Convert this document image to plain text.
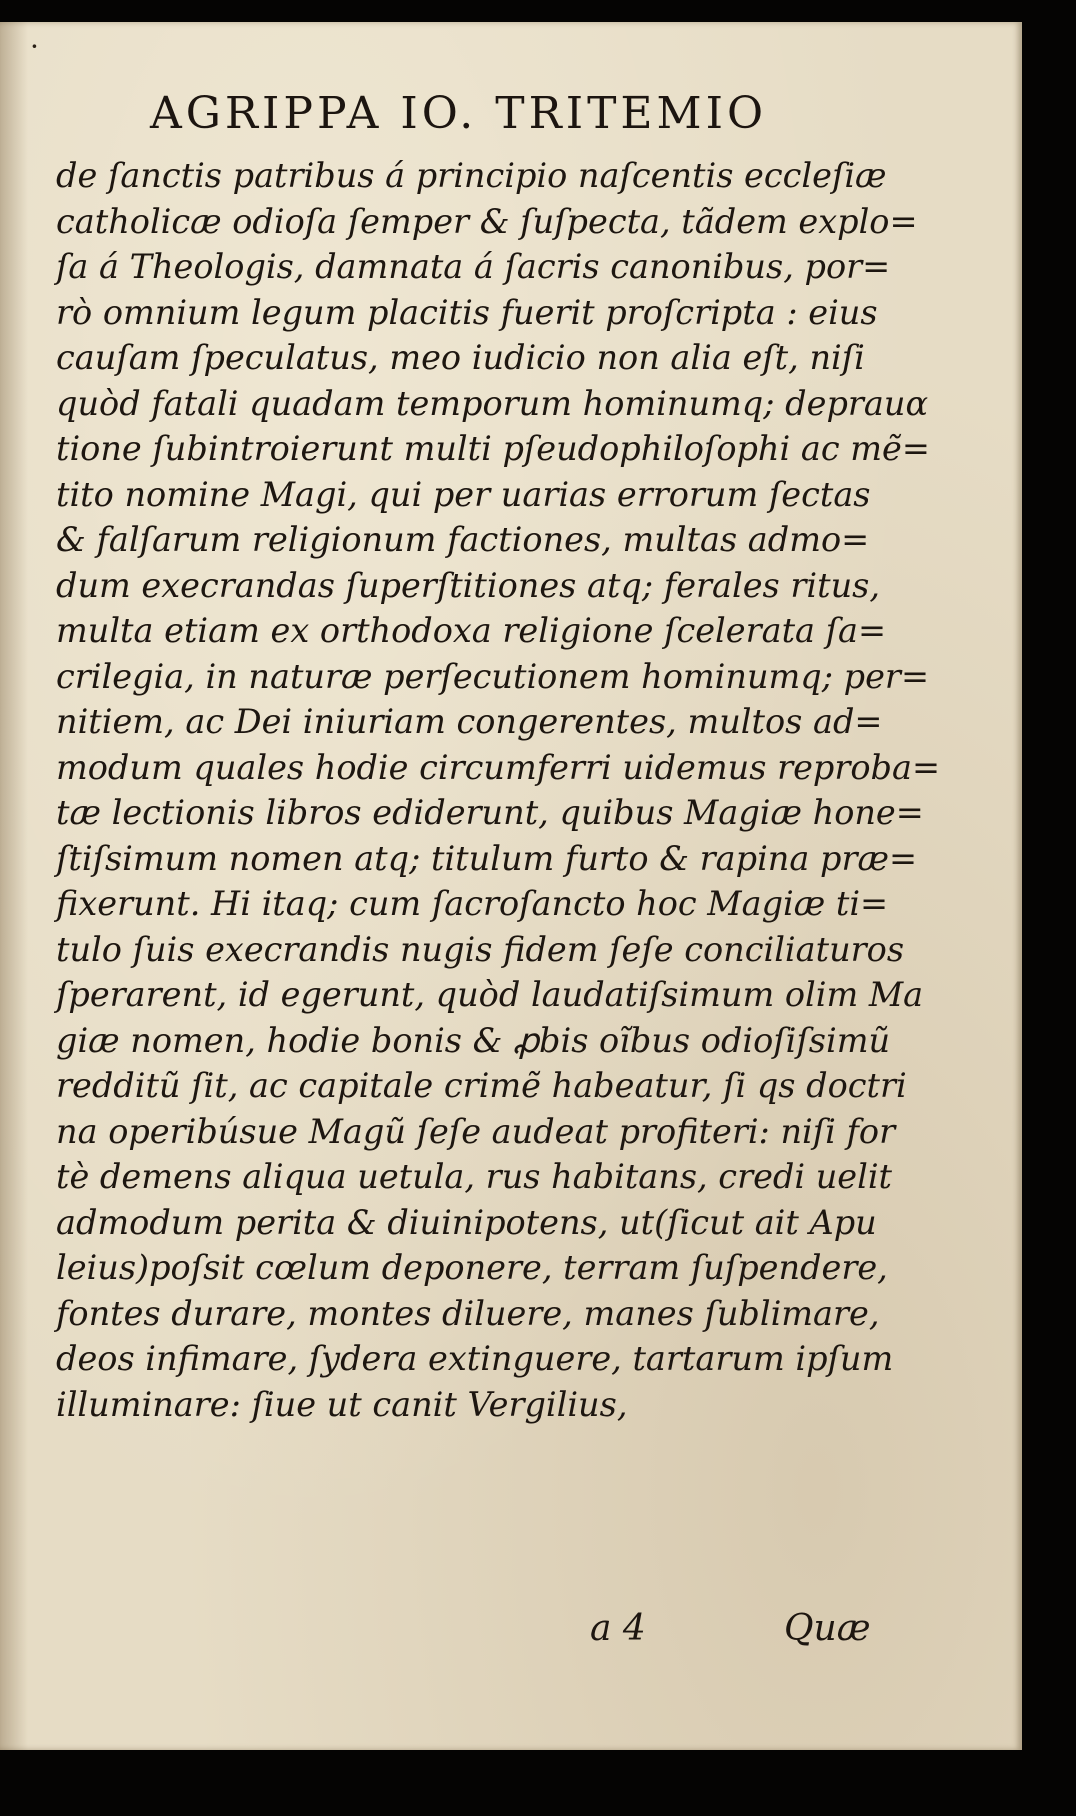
AGRIPPA IO. TRITEMIO
de ſanctis patribus á principio naſcentis eccleſiæ
catholicæ odioſa ſemper & ſuſpecta, tãdem explo=
ſa á Theologis, damnata á ſacris canonibus, por=
rò omnium legum placitis fuerit proſcripta : eius
cauſam ſpeculatus, meo iudicio non alia eſt, niſi
quòd fatali quadam temporum hominumq; deprauα
tione ſubintroierunt multi pſeudophiloſophi ac mẽ=
tito nomine Magi, qui per uarias errorum ſectas
& falſarum religionum factiones, multas admo=
dum execrandas ſuperſtitiones atq; ferales ritus,
multa etiam ex orthodoxa religione ſcelerata ſa=
crilegia, in naturæ perſecutionem hominumq; per=
nitiem, ac Dei iniuriam congerentes, multos ad=
modum quales hodie circumferri uidemus reproba=
tæ lectionis libros ediderunt, quibus Magiæ hone=
ſtiſsimum nomen atq; titulum furto & rapina præ=
fixerunt. Hi itaq; cum ſacroſancto hoc Magiæ ti=
tulo ſuis execrandis nugis fidem ſeſe conciliaturos
ſperarent, id egerunt, quòd laudatiſsimum olim Ma
giæ nomen, hodie bonis & ꝓbis oĩbus odioſiſsimũ
redditũ ſit, ac capitale crimẽ habeatur, ſi qs doctri
na operibúsue Magũ ſeſe audeat profiteri: niſi for
tè demens aliqua uetula, rus habitans, credi uelit
admodum perita & diuinipotens, ut(ſicut ait Apu
leius)poſsit cœlum deponere, terram ſuſpendere,
fontes durare, montes diluere, manes ſublimare,
deos infimare, ſydera extinguere, tartarum ipſum
illuminare: ſiue ut canit Vergilius,
a 4	Quæ
·
